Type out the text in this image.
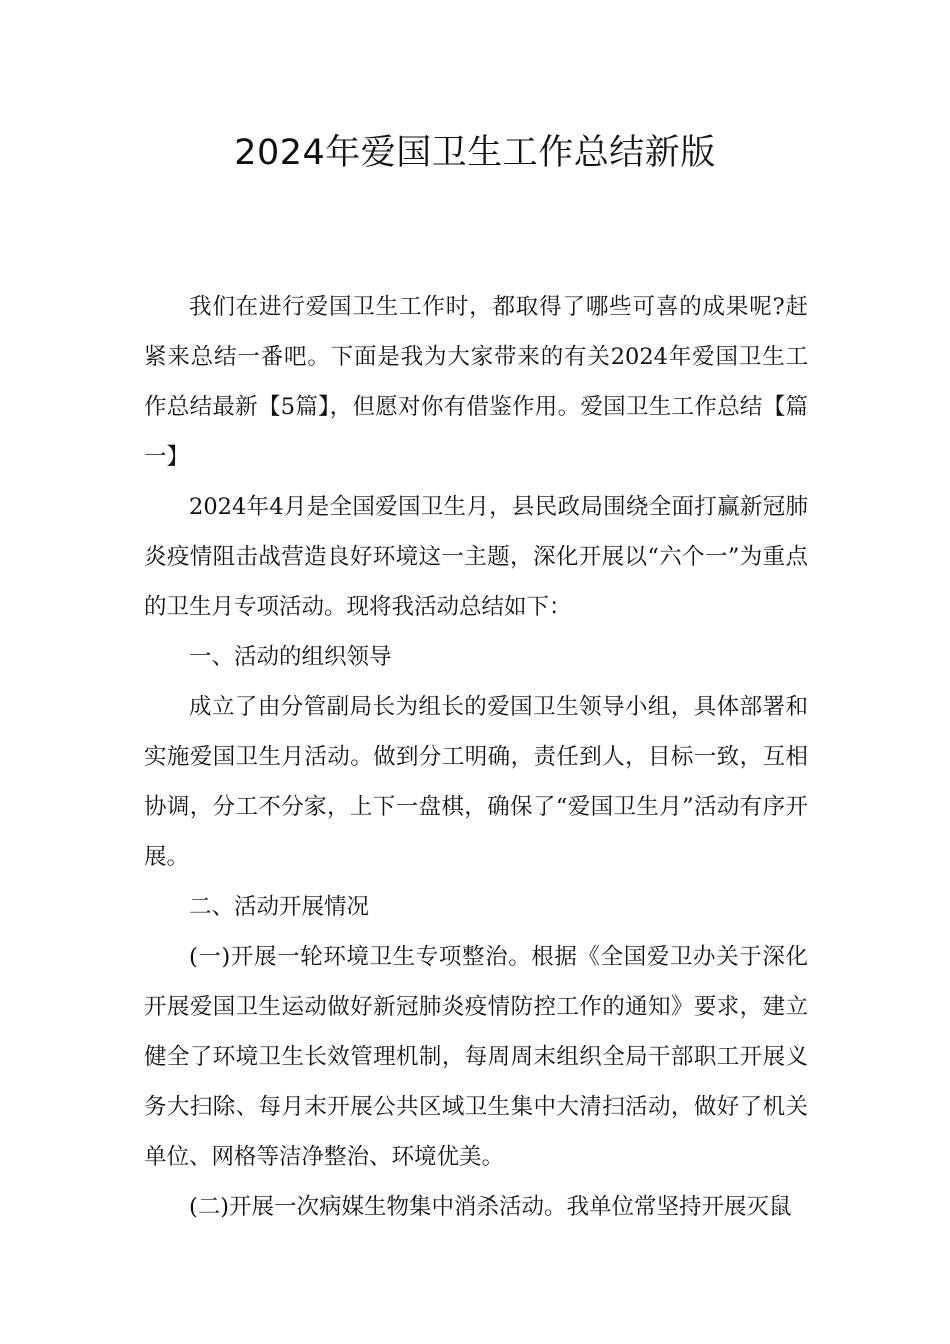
2024年爱国卫生工作总结新版

我们在进行爱国卫生工作时，都取得了哪些可喜的成果呢?赶紧来总结一番吧。下面是我为大家带来的有关2024年爱国卫生工作总结最新【5篇】，但愿对你有借鉴作用。爱国卫生工作总结【篇一】

2024年4月是全国爱国卫生月，县民政局围绕全面打赢新冠肺炎疫情阻击战营造良好环境这一主题，深化开展以“六个一”为重点的卫生月专项活动。现将我活动总结如下：

一、活动的组织领导

成立了由分管副局长为组长的爱国卫生领导小组，具体部署和实施爱国卫生月活动。做到分工明确，责任到人，目标一致，互相协调，分工不分家，上下一盘棋，确保了“爱国卫生月”活动有序开展。

二、活动开展情况

(一)开展一轮环境卫生专项整治。根据《全国爱卫办关于深化开展爱国卫生运动做好新冠肺炎疫情防控工作的通知》要求，建立健全了环境卫生长效管理机制，每周周末组织全局干部职工开展义务大扫除、每月末开展公共区域卫生集中大清扫活动，做好了机关单位、网格等洁净整治、环境优美。

(二)开展一次病媒生物集中消杀活动。我单位常坚持开展灭鼠
